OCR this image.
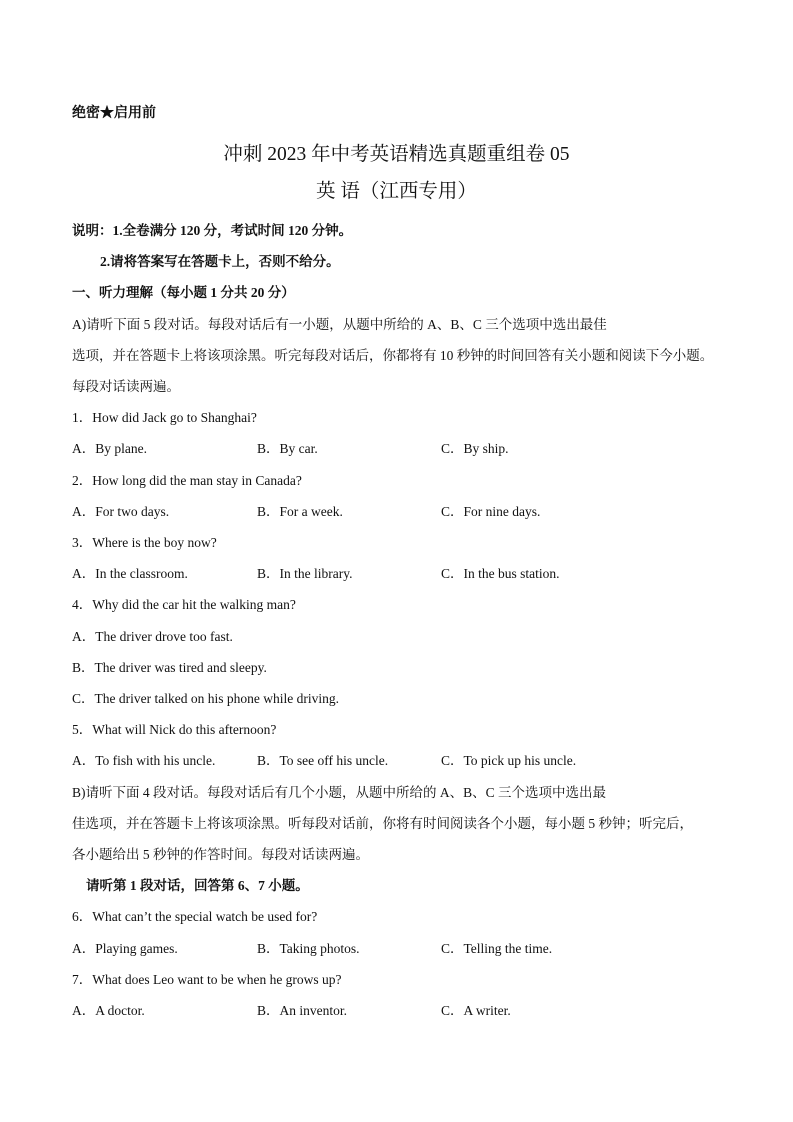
绝密★启用前
冲刺 2023 年中考英语精选真题重组卷 05
英 语（江西专用）
说明：1.全卷满分 120 分，考试时间 120 分钟。
2.请将答案写在答题卡上，否则不给分。
一、听力理解（每小题 1 分共 20 分）
A)请听下面 5 段对话。每段对话后有一小题，从题中所给的 A、B、C 三个选项中选出最佳
选项，并在答题卡上将该项涂黑。听完每段对话后，你都将有 10 秒钟的时间回答有关小题和阅读下今小题。
每段对话读两遍。
1．How did Jack go to Shanghai?
A．By plane.	B．By car.	C．By ship.
2．How long did the man stay in Canada?
A．For two days.	B．For a week.	C．For nine days.
3．Where is the boy now?
A．In the classroom.	B．In the library.	C．In the bus station.
4．Why did the car hit the walking man?
A．The driver drove too fast.
B．The driver was tired and sleepy.
C．The driver talked on his phone while driving.
5．What will Nick do this afternoon?
A．To fish with his uncle.	B．To see off his uncle.	C．To pick up his uncle.
B)请听下面 4 段对话。每段对话后有几个小题，从题中所给的 A、B、C 三个选项中选出最
佳选项，并在答题卡上将该项涂黑。听每段对话前，你将有时间阅读各个小题，每小题 5 秒钟；听完后，
各小题给出 5 秒钟的作答时间。每段对话读两遍。
请听第 1 段对话，回答第 6、7 小题。
6．What can’t the special watch be used for?
A．Playing games.	B．Taking photos.	C．Telling the time.
7．What does Leo want to be when he grows up?
A．A doctor.	B．An inventor.	C．A writer.
